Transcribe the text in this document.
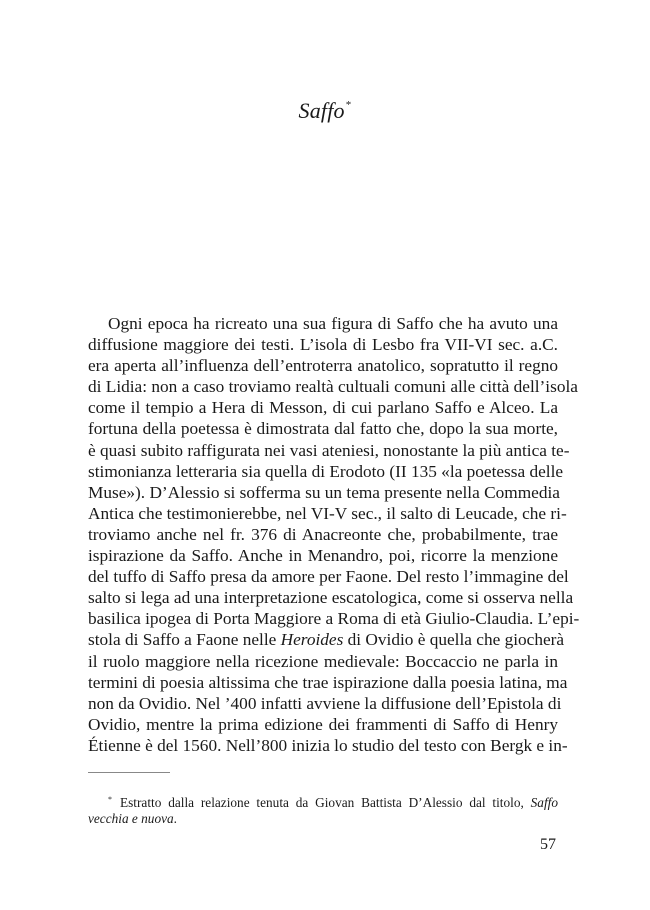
Saffo*
Ogni epoca ha ricreato una sua figura di Saffo che ha avuto una
diffusione maggiore dei testi. L’isola di Lesbo fra VII-VI sec. a.C.
era aperta all’influenza dell’entroterra anatolico, sopratutto il regno
di Lidia: non a caso troviamo realtà cultuali comuni alle città dell’isola
come il tempio a Hera di Messon, di cui parlano Saffo e Alceo. La
fortuna della poetessa è dimostrata dal fatto che, dopo la sua morte,
è quasi subito raffigurata nei vasi ateniesi, nonostante la più antica te-
stimonianza letteraria sia quella di Erodoto (II 135 «la poetessa delle
Muse»). D’Alessio si sofferma su un tema presente nella Commedia
Antica che testimonierebbe, nel VI-V sec., il salto di Leucade, che ri-
troviamo anche nel fr. 376 di Anacreonte che, probabilmente, trae
ispirazione da Saffo. Anche in Menandro, poi, ricorre la menzione
del tuffo di Saffo presa da amore per Faone. Del resto l’immagine del
salto si lega ad una interpretazione escatologica, come si osserva nella
basilica ipogea di Porta Maggiore a Roma di età Giulio-Claudia. L’epi-
stola di Saffo a Faone nelle Heroides di Ovidio è quella che giocherà
il ruolo maggiore nella ricezione medievale: Boccaccio ne parla in
termini di poesia altissima che trae ispirazione dalla poesia latina, ma
non da Ovidio. Nel ’400 infatti avviene la diffusione dell’Epistola di
Ovidio, mentre la prima edizione dei frammenti di Saffo di Henry
Étienne è del 1560. Nell’800 inizia lo studio del testo con Bergk e in-
* Estratto dalla relazione tenuta da Giovan Battista D’Alessio dal titolo, Saffo
vecchia e nuova.
57
